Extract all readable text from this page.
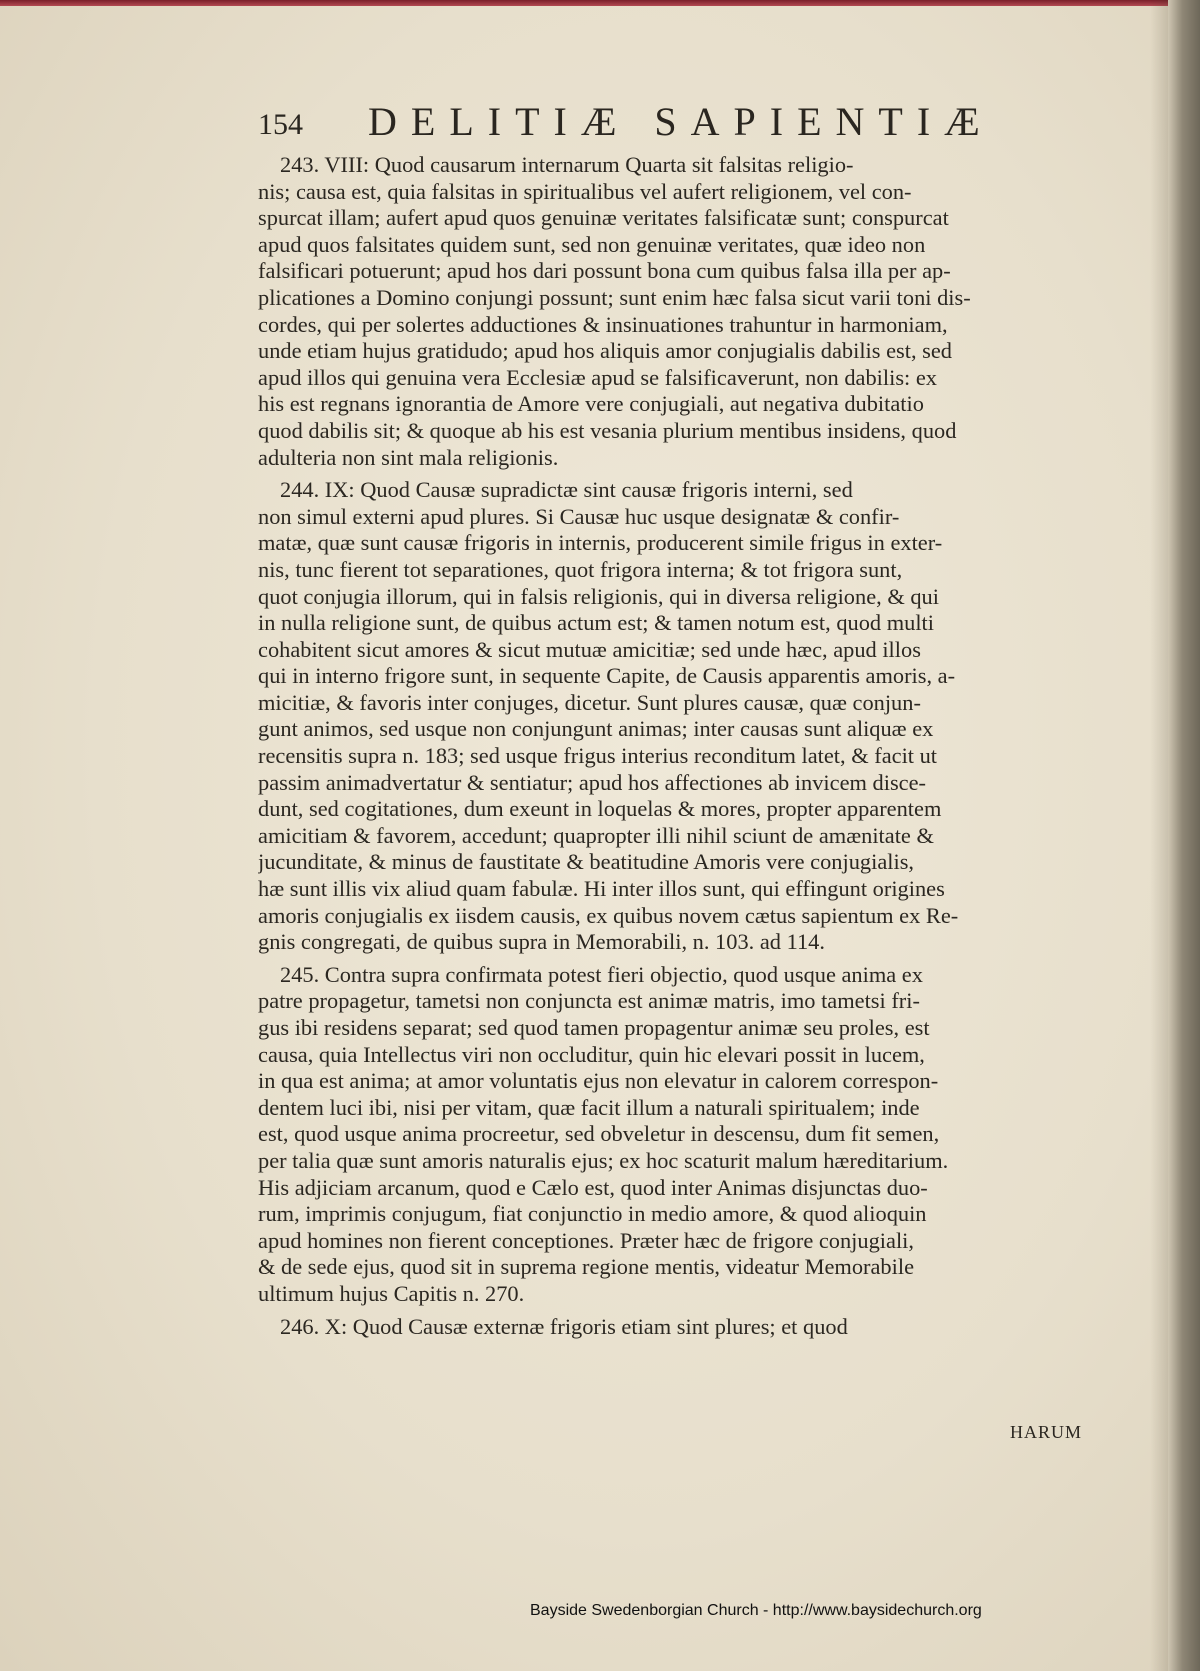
154 DELITIÆ SAPIENTIÆ
243. VIII: Quod causarum internarum Quarta sit falsitas religio-
nis; causa est, quia falsitas in spiritualibus vel aufert religionem, vel con-
spurcat illam; aufert apud quos genuinæ veritates falsificatæ sunt; conspurcat
apud quos falsitates quidem sunt, sed non genuinæ veritates, quæ ideo non
falsificari potuerunt; apud hos dari possunt bona cum quibus falsa illa per ap-
plicationes a Domino conjungi possunt; sunt enim hæc falsa sicut varii toni dis-
cordes, qui per solertes adductiones & insinuationes trahuntur in harmoniam,
unde etiam hujus gratidudo; apud hos aliquis amor conjugialis dabilis est, sed
apud illos qui genuina vera Ecclesiæ apud se falsificaverunt, non dabilis: ex
his est regnans ignorantia de Amore vere conjugiali, aut negativa dubitatio
quod dabilis sit; & quoque ab his est vesania plurium mentibus insidens, quod
adulteria non sint mala religionis.
244. IX: Quod Causæ supradictæ sint causæ frigoris interni, sed
non simul externi apud plures. Si Causæ huc usque designatæ & confir-
matæ, quæ sunt causæ frigoris in internis, producerent simile frigus in exter-
nis, tunc fierent tot separationes, quot frigora interna; & tot frigora sunt,
quot conjugia illorum, qui in falsis religionis, qui in diversa religione, & qui
in nulla religione sunt, de quibus actum est; & tamen notum est, quod multi
cohabitent sicut amores & sicut mutuæ amicitiæ; sed unde hæc, apud illos
qui in interno frigore sunt, in sequente Capite, de Causis apparentis amoris, a-
micitiæ, & favoris inter conjuges, dicetur. Sunt plures causæ, quæ conjun-
gunt animos, sed usque non conjungunt animas; inter causas sunt aliquæ ex
recensitis supra n. 183; sed usque frigus interius reconditum latet, & facit ut
passim animadvertatur & sentiatur; apud hos affectiones ab invicem disce-
dunt, sed cogitationes, dum exeunt in loquelas & mores, propter apparentem
amicitiam & favorem, accedunt; quapropter illi nihil sciunt de amænitate &
jucunditate, & minus de faustitate & beatitudine Amoris vere conjugialis,
hæ sunt illis vix aliud quam fabulæ. Hi inter illos sunt, qui effingunt origines
amoris conjugialis ex iisdem causis, ex quibus novem cætus sapientum ex Re-
gnis congregati, de quibus supra in Memorabili, n. 103. ad 114.
245. Contra supra confirmata potest fieri objectio, quod usque anima ex
patre propagetur, tametsi non conjuncta est animæ matris, imo tametsi fri-
gus ibi residens separat; sed quod tamen propagentur animæ seu proles, est
causa, quia Intellectus viri non occluditur, quin hic elevari possit in lucem,
in qua est anima; at amor voluntatis ejus non elevatur in calorem correspon-
dentem luci ibi, nisi per vitam, quæ facit illum a naturali spiritualem; inde
est, quod usque anima procreetur, sed obveletur in descensu, dum fit semen,
per talia quæ sunt amoris naturalis ejus; ex hoc scaturit malum hæreditarium.
His adjiciam arcanum, quod e Cælo est, quod inter Animas disjunctas duo-
rum, imprimis conjugum, fiat conjunctio in medio amore, & quod alioquin
apud homines non fierent conceptiones. Præter hæc de frigore conjugiali,
& de sede ejus, quod sit in suprema regione mentis, videatur Memorabile
ultimum hujus Capitis n. 270.
246. X: Quod Causæ externæ frigoris etiam sint plures; et quod
HARUM
Bayside Swedenborgian Church - http://www.baysidechurch.org
